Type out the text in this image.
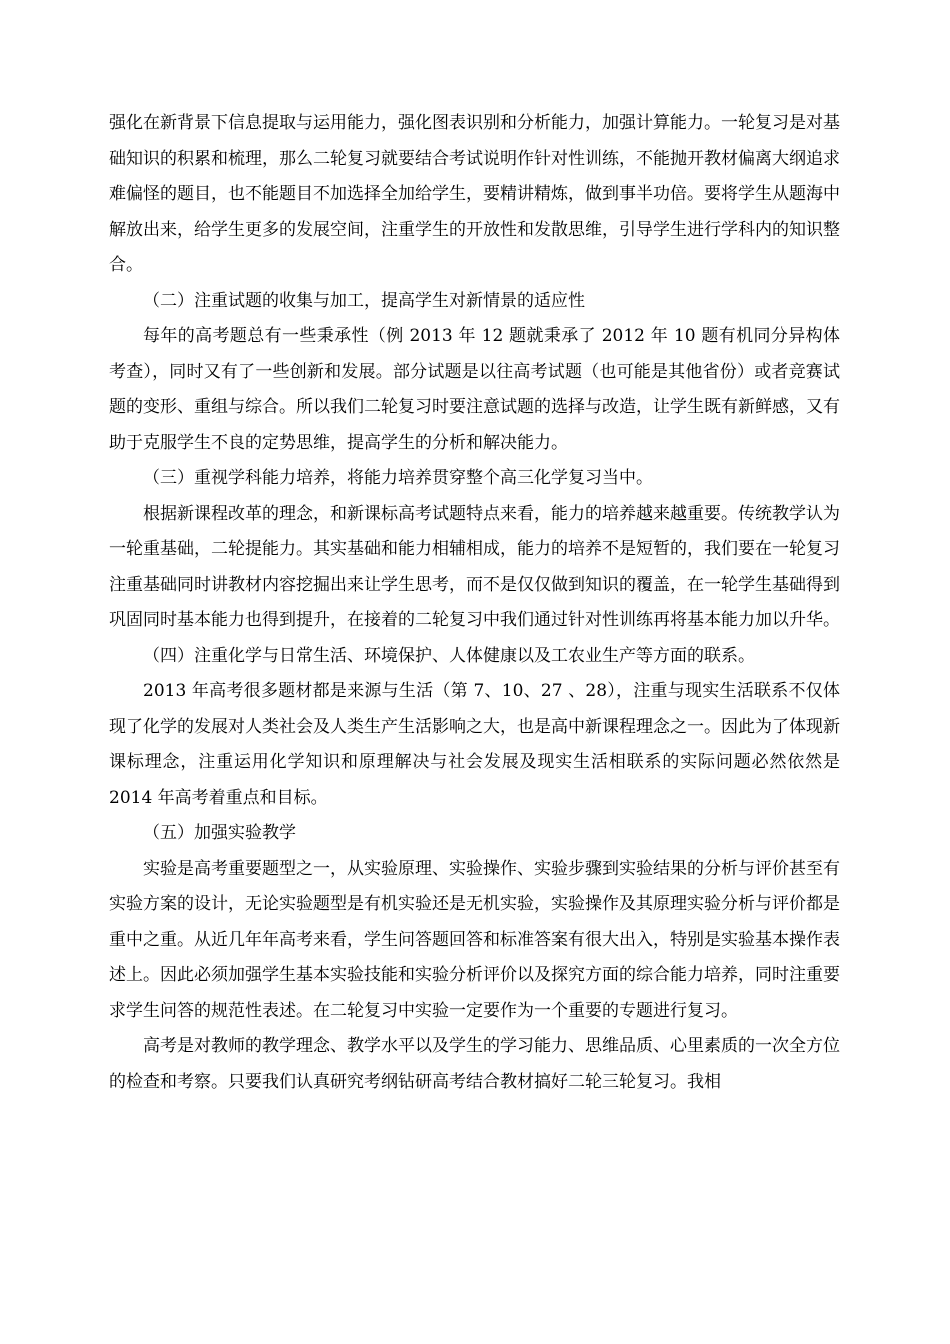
强化在新背景下信息提取与运用能力，强化图表识别和分析能力，加强计算能力。一轮复习是对基础知识的积累和梳理，那么二轮复习就要结合考试说明作针对性训练，不能抛开教材偏离大纲追求难偏怪的题目，也不能题目不加选择全加给学生，要精讲精炼，做到事半功倍。要将学生从题海中解放出来，给学生更多的发展空间，注重学生的开放性和发散思维，引导学生进行学科内的知识整合。

（二）注重试题的收集与加工，提高学生对新情景的适应性

每年的高考题总有一些秉承性（例 2013 年 12 题就秉承了 2012 年 10 题有机同分异构体考查），同时又有了一些创新和发展。部分试题是以往高考试题（也可能是其他省份）或者竞赛试题的变形、重组与综合。所以我们二轮复习时要注意试题的选择与改造，让学生既有新鲜感，又有助于克服学生不良的定势思维，提高学生的分析和解决能力。

（三）重视学科能力培养，将能力培养贯穿整个高三化学复习当中。

根据新课程改革的理念，和新课标高考试题特点来看，能力的培养越来越重要。传统教学认为一轮重基础，二轮提能力。其实基础和能力相辅相成，能力的培养不是短暂的，我们要在一轮复习注重基础同时讲教材内容挖掘出来让学生思考，而不是仅仅做到知识的覆盖，在一轮学生基础得到巩固同时基本能力也得到提升，在接着的二轮复习中我们通过针对性训练再将基本能力加以升华。

（四）注重化学与日常生活、环境保护、人体健康以及工农业生产等方面的联系。

2013 年高考很多题材都是来源与生活（第 7、10、27 、28），注重与现实生活联系不仅体现了化学的发展对人类社会及人类生产生活影响之大，也是高中新课程理念之一。因此为了体现新课标理念，注重运用化学知识和原理解决与社会发展及现实生活相联系的实际问题必然依然是 2014 年高考着重点和目标。

（五）加强实验教学

实验是高考重要题型之一，从实验原理、实验操作、实验步骤到实验结果的分析与评价甚至有实验方案的设计，无论实验题型是有机实验还是无机实验，实验操作及其原理实验分析与评价都是重中之重。从近几年年高考来看，学生问答题回答和标准答案有很大出入，特别是实验基本操作表述上。因此必须加强学生基本实验技能和实验分析评价以及探究方面的综合能力培养，同时注重要求学生问答的规范性表述。在二轮复习中实验一定要作为一个重要的专题进行复习。

高考是对教师的教学理念、教学水平以及学生的学习能力、思维品质、心里素质的一次全方位的检查和考察。只要我们认真研究考纲钻研高考结合教材搞好二轮三轮复习。我相
